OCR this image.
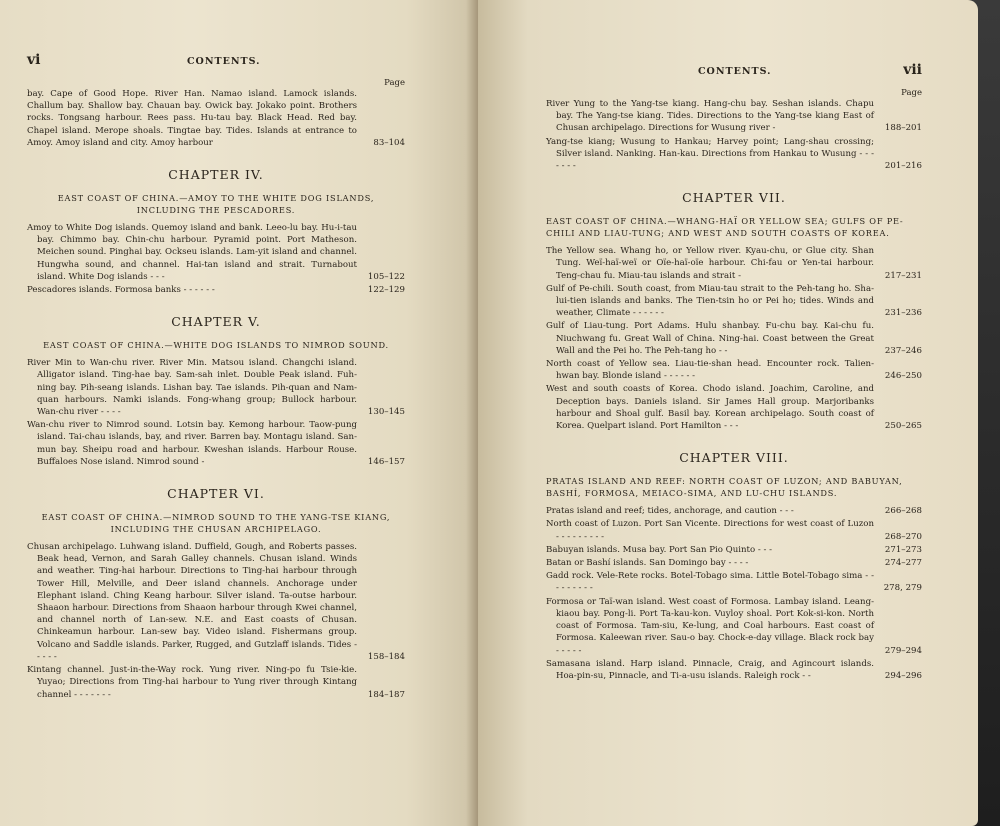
vi	CONTENTS.
Page
bay. Cape of Good Hope. River Han. Namao island. Lamock islands. Challum bay. Shallow bay. Chauan bay. Owick bay. Jokako point. Brothers rocks. Tongsang harbour. Rees pass. Hu-tau bay. Black Head. Red bay. Chapel island. Merope shoals. Tingtae bay. Tides. Islands at entrance to Amoy. Amoy island and city. Amoy harbour	83–104
CHAPTER IV.
EAST COAST OF CHINA.—AMOY TO THE WHITE DOG ISLANDS, INCLUDING THE PESCADORES.
Amoy to White Dog islands. Quemoy island and bank. Leeo-lu bay. Hu-i-tau bay. Chimmo bay. Chin-chu harbour. Pyramid point. Port Matheson. Meichen sound. Pinghai bay. Ockseu islands. Lam-yit island and channel. Hungwha sound, and channel. Hai-tan island and strait. Turnabout island. White Dog islands - - -	105–122
Pescadores islands. Formosa banks - - - - - -	122–129
CHAPTER V.
EAST COAST OF CHINA.—WHITE DOG ISLANDS TO NIMROD SOUND.
River Min to Wan-chu river. River Min. Matsou island. Changchi island. Alligator island. Ting-hae bay. Sam-sah inlet. Double Peak island. Fuh-ning bay. Pih-seang islands. Lishan bay. Tae islands. Pih-quan and Nam-quan harbours. Namki islands. Fong-whang group; Bullock harbour. Wan-chu river - - - -	130–145
Wan-chu river to Nimrod sound. Lotsin bay. Kemong harbour. Taow-pung island. Tai-chau islands, bay, and river. Barren bay. Montagu island. San-mun bay. Sheipu road and harbour. Kweshan islands. Harbour Rouse. Buffaloes Nose island. Nimrod sound -	146–157
CHAPTER VI.
EAST COAST OF CHINA.—NIMROD SOUND TO THE YANG-TSE KIANG, INCLUDING THE CHUSAN ARCHIPELAGO.
Chusan archipelago. Luhwang island. Duffield, Gough, and Roberts passes. Beak head, Vernon, and Sarah Galley channels. Chusan island. Winds and weather. Ting-hai harbour. Directions to Ting-hai harbour through Tower Hill, Melville, and Deer island channels. Anchorage under Elephant island. Ching Keang harbour. Silver island. Ta-outse harbour. Shaaon harbour. Directions from Shaaon harbour through Kwei channel, and channel north of Lan-sew. N.E. and East coasts of Chusan. Chinkeamun harbour. Lan-sew bay. Video island. Fishermans group. Volcano and Saddle islands. Parker, Rugged, and Gutzlaff islands. Tides - - - - -	158–184
Kintang channel. Just-in-the-Way rock. Yung river. Ning-po fu Tsie-kie. Yuyao; Directions from Ting-hai harbour to Yung river through Kintang channel - - - - - - -	184–187
CONTENTS.	vii
Page
River Yung to the Yang-tse kiang. Hang-chu bay. Seshan islands. Chapu bay. The Yang-tse kiang. Tides. Directions to the Yang-tse kiang East of Chusan archipelago. Directions for Wusung river -	188–201
Yang-tse kiang; Wusung to Hankau; Harvey point; Lang-shau crossing; Silver island. Nanking. Han-kau. Directions from Hankau to Wusung - - - - - - -	201–216
CHAPTER VII.
EAST COAST OF CHINA.—WHANG-HAÏ OR YELLOW SEA; GULFS OF PE-CHILI AND LIAU-TUNG; AND WEST AND SOUTH COASTS OF KOREA.
The Yellow sea. Whang ho, or Yellow river. Kyau-chu, or Glue city. Shan Tung. Weï-haï-weï or Oïe-haï-oïe harbour. Chi-fau or Yen-tai harbour. Teng-chau fu. Miau-tau islands and strait -	217–231
Gulf of Pe-chili. South coast, from Miau-tau strait to the Peh-tang ho. Sha-lui-tien islands and banks. The Tien-tsin ho or Pei ho; tides. Winds and weather, Climate - - - - - -	231–236
Gulf of Liau-tung. Port Adams. Hulu shanbay. Fu-chu bay. Kai-chu fu. Niuchwang fu. Great Wall of China. Ning-hai. Coast between the Great Wall and the Pei ho. The Peh-tang ho - -	237–246
North coast of Yellow sea. Liau-tie-shan head. Encounter rock. Talien-hwan bay. Blonde island - - - - - -	246–250
West and south coasts of Korea. Chodo island. Joachim, Caroline, and Deception bays. Daniels island. Sir James Hall group. Marjoribanks harbour and Shoal gulf. Basil bay. Korean archipelago. South coast of Korea. Quelpart island. Port Hamilton - - -	250–265
CHAPTER VIII.
PRATAS ISLAND AND REEF: NORTH COAST OF LUZON; AND BABUYAN, BASHÍ, FORMOSA, MEIACO-SIMA, AND LU-CHU ISLANDS.
Pratas island and reef; tides, anchorage, and caution - - -	266–268
North coast of Luzon. Port San Vicente. Directions for west coast of Luzon - - - - - - - - -	268–270
Babuyan islands. Musa bay. Port San Pio Quinto - - -	271–273
Batan or Bashí islands. San Domingo bay - - - -	274–277
Gadd rock. Vele-Rete rocks. Botel-Tobago sima. Little Botel-Tobago sima - - - - - - - - -	278, 279
Formosa or Taï-wan island. West coast of Formosa. Lambay island. Leang-kiaou bay. Pong-li. Port Ta-kau-kon. Vuyloy shoal. Port Kok-si-kon. North coast of Formosa. Tam-siu, Ke-lung, and Coal harbours. East coast of Formosa. Kaleewan river. Sau-o bay. Chock-e-day village. Black rock bay - - - - -	279–294
Samasana island. Harp island. Pinnacle, Craig, and Agincourt islands. Hoa-pin-su, Pinnacle, and Ti-a-usu islands. Raleigh rock - -	294–296
